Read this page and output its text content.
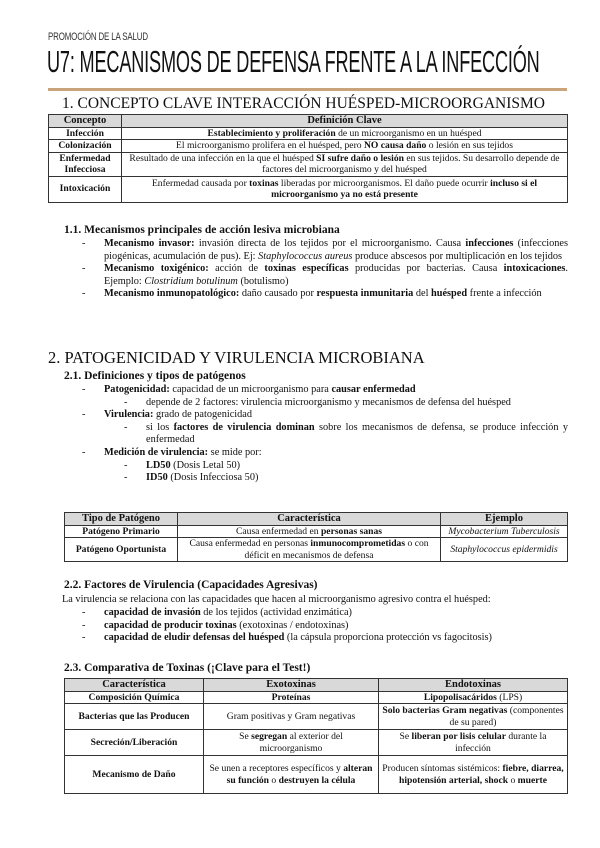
PROMOCIÓN DE LA SALUD
U7: MECANISMOS DE DEFENSA FRENTE A LA INFECCIÓN
1. CONCEPTO CLAVE INTERACCIÓN HUÉSPED-MICROORGANISMO
Concepto	Definición Clave
Infección	Establecimiento y proliferación de un microorganismo en un huésped
Colonización	El microorganismo prolifera en el huésped, pero NO causa daño o lesión en sus tejidos
Enfermedad Infecciosa	Resultado de una infección en la que el huésped SI sufre daño o lesión en sus tejidos. Su desarrollo depende de factores del microorganismo y del huésped
Intoxicación	Enfermedad causada por toxinas liberadas por microorganismos. El daño puede ocurrir incluso si el microorganismo ya no está presente
1.1. Mecanismos principales de acción lesiva microbiana
- Mecanismo invasor: invasión directa de los tejidos por el microorganismo. Causa infecciones (infecciones piogénicas, acumulación de pus). Ej: Staphylococcus aureus produce abscesos por multiplicación en los tejidos
- Mecanismo toxigénico: acción de toxinas específicas producidas por bacterias. Causa intoxicaciones. Ejemplo: Clostridium botulinum (botulismo)
- Mecanismo inmunopatológico: daño causado por respuesta inmunitaria del huésped frente a infección
2. PATOGENICIDAD Y VIRULENCIA MICROBIANA
2.1. Definiciones y tipos de patógenos
- Patogenicidad: capacidad de un microorganismo para causar enfermedad
- depende de 2 factores: virulencia microorganismo y mecanismos de defensa del huésped
- Virulencia: grado de patogenicidad
- si los factores de virulencia dominan sobre los mecanismos de defensa, se produce infección y enfermedad
- Medición de virulencia: se mide por:
- LD50 (Dosis Letal 50)
- ID50 (Dosis Infecciosa 50)
Tipo de Patógeno	Característica	Ejemplo
Patógeno Primario	Causa enfermedad en personas sanas	Mycobacterium Tuberculosis
Patógeno Oportunista	Causa enfermedad en personas inmunocomprometidas o con déficit en mecanismos de defensa	Staphylococcus epidermidis
2.2. Factores de Virulencia (Capacidades Agresivas)
La virulencia se relaciona con las capacidades que hacen al microorganismo agresivo contra el huésped:
- capacidad de invasión de los tejidos (actividad enzimática)
- capacidad de producir toxinas (exotoxinas / endotoxinas)
- capacidad de eludir defensas del huésped (la cápsula proporciona protección vs fagocitosis)
2.3. Comparativa de Toxinas (¡Clave para el Test!)
Característica	Exotoxinas	Endotoxinas
Composición Química	Proteínas	Lipopolisacáridos (LPS)
Bacterias que las Producen	Gram positivas y Gram negativas	Solo bacterias Gram negativas (componentes de su pared)
Secreción/Liberación	Se segregan al exterior del microorganismo	Se liberan por lisis celular durante la infección
Mecanismo de Daño	Se unen a receptores específicos y alteran su función o destruyen la célula	Producen síntomas sistémicos: fiebre, diarrea, hipotensión arterial, shock o muerte
